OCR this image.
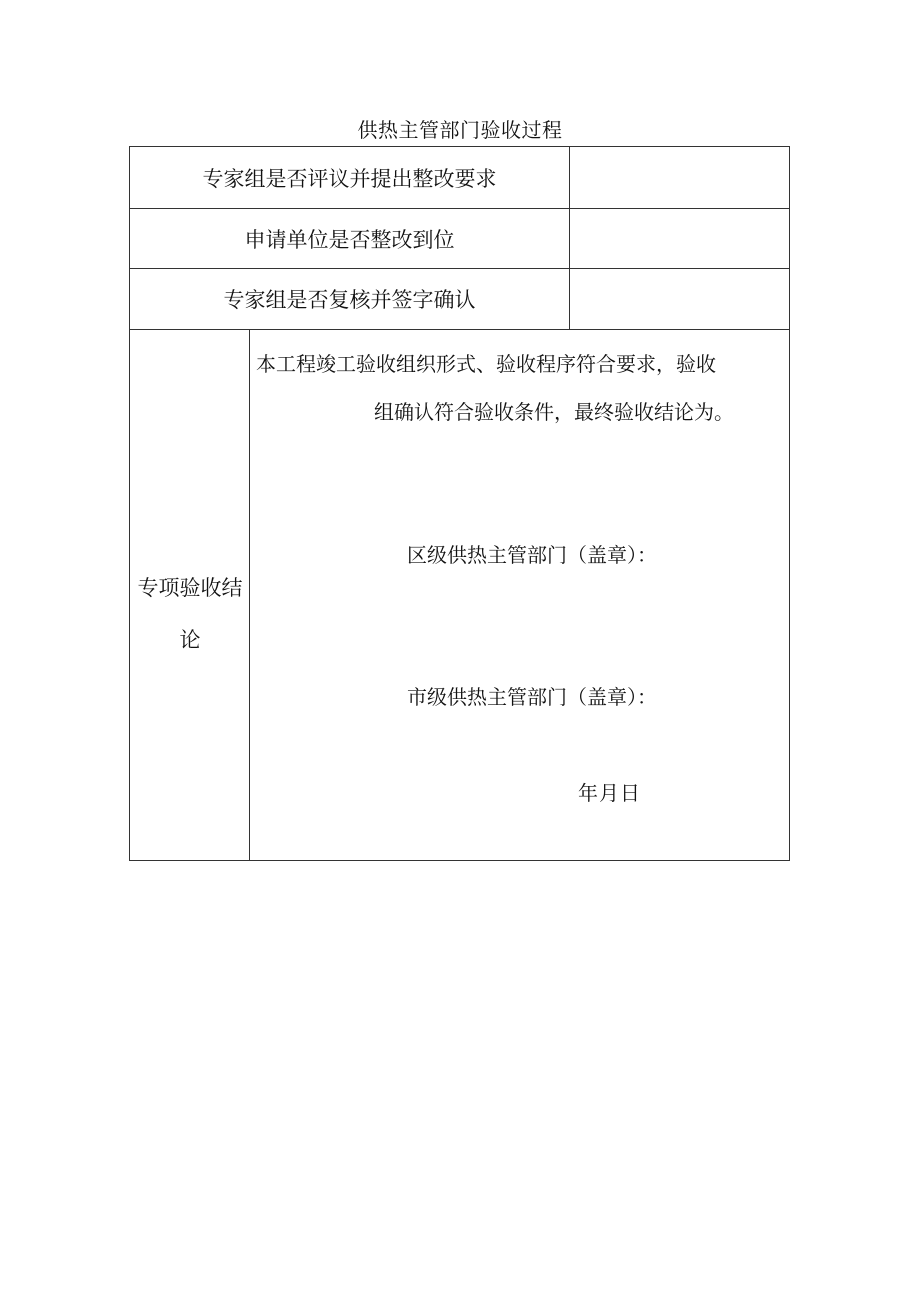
供热主管部门验收过程
专家组是否评议并提出整改要求
申请单位是否整改到位
专家组是否复核并签字确认
专项验收结
论
本工程竣工验收组织形式、验收程序符合要求，验收
组确认符合验收条件，最终验收结论为。
区级供热主管部门（盖章）：
市级供热主管部门（盖章）：
年月日
